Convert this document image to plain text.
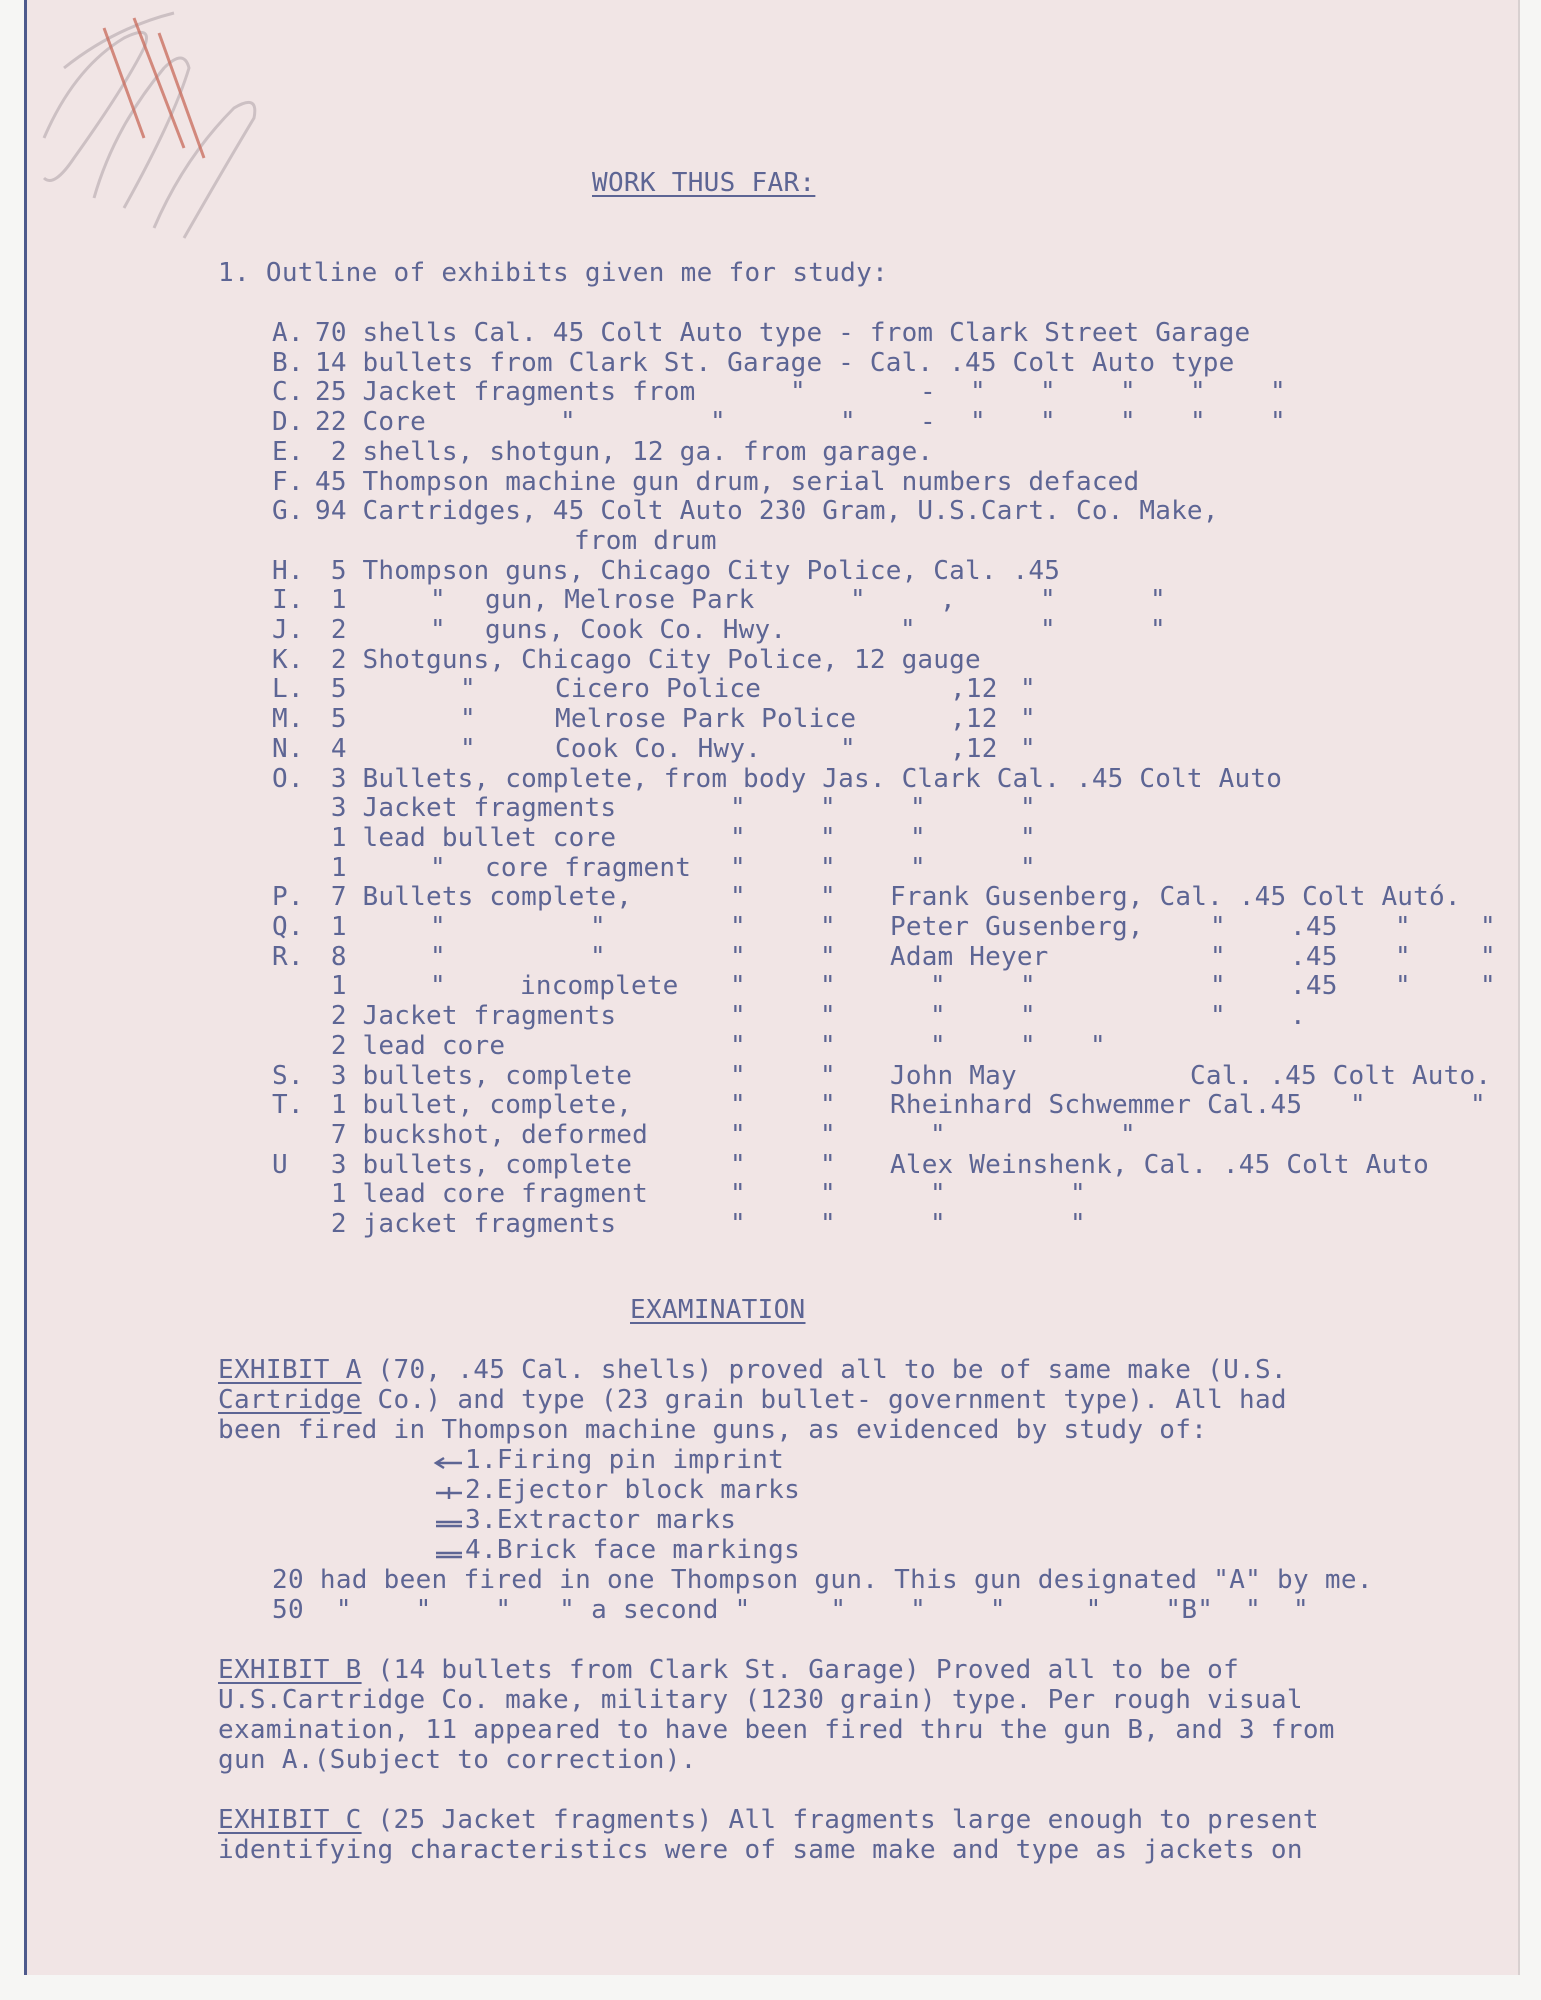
WORK THUS FAR:
1. Outline of exhibits given me for study:
A. 70 shells Cal. 45 Colt Auto type - from Clark Street Garage
B. 14 bullets from Clark St. Garage - Cal. .45 Colt Auto type
C. 25 Jacket fragments from	"	- " " " " "
D. 22 Core	"	"	" - " " " " "
E. 2 shells, shotgun, 12 ga. from garage.
F. 45 Thompson machine gun drum, serial numbers defaced
G. 94 Cartridges, 45 Colt Auto 230 Gram, U.S.Cart. Co. Make,
from drum
H. 5 Thompson guns, Chicago City Police, Cal. .45
I. 1	" gun, Melrose Park	"	,	"	"
J. 2	" guns, Cook Co. Hwy.	"	"	"
K. 2 Shotguns, Chicago City Police, 12 gauge
L. 5	"	Cicero Police	,12 "
M. 5	"	Melrose Park Police	,12 "
N. 4	"	Cook Co. Hwy.	"	,12 "
O. 3 Bullets, complete, from body Jas. Clark Cal. .45 Colt Auto
3 Jacket fragments	"	"	"	"
1 lead bullet core	"	"	"	"
1	" core fragment "	"	"	"
P. 7 Bullets complete,	"	" Frank Gusenberg, Cal. .45 Colt Autó.
Q. 1	"	"	"	" Peter Gusenberg,	" .45 "	"
R. 8	"	"	"	" Adam Heyer	" .45 "	"
1	"	incomplete "	"	"	"	" .45 "	"
2 Jacket fragments	"	"	"	"	" .
2 lead core	"	"	"	" "
S. 3 bullets, complete	"	" John May	Cal. .45 Colt Auto.
T. 1 bullet, complete,	"	" Rheinhard Schwemmer Cal.45 "	"
7 buckshot, deformed	"	"	"	"
U 3 bullets, complete	"	" Alex Weinshenk, Cal. .45 Colt Auto
1 lead core fragment	"	"	"	"
2 jacket fragments	"	"	"	"
EXAMINATION
EXHIBIT A (70, .45 Cal. shells) proved all to be of same make (U.S.
Cartridge Co.) and type (23 grain bullet- government type). All had
been fired in Thompson machine guns, as evidenced by study of:
1.Firing pin imprint
2.Ejector block marks
3.Extractor marks
4.Brick face markings
20 had been fired in one Thompson gun. This gun designated "A" by me.
50  "    "    "   " a second "     "    "    "     "    "B"  "  "
EXHIBIT B (14 bullets from Clark St. Garage) Proved all to be of
U.S.Cartridge Co. make, military (1230 grain) type. Per rough visual
examination, 11 appeared to have been fired thru the gun B, and 3 from
gun A.(Subject to correction).
EXHIBIT C (25 Jacket fragments) All fragments large enough to present
identifying characteristics were of same make and type as jackets on
